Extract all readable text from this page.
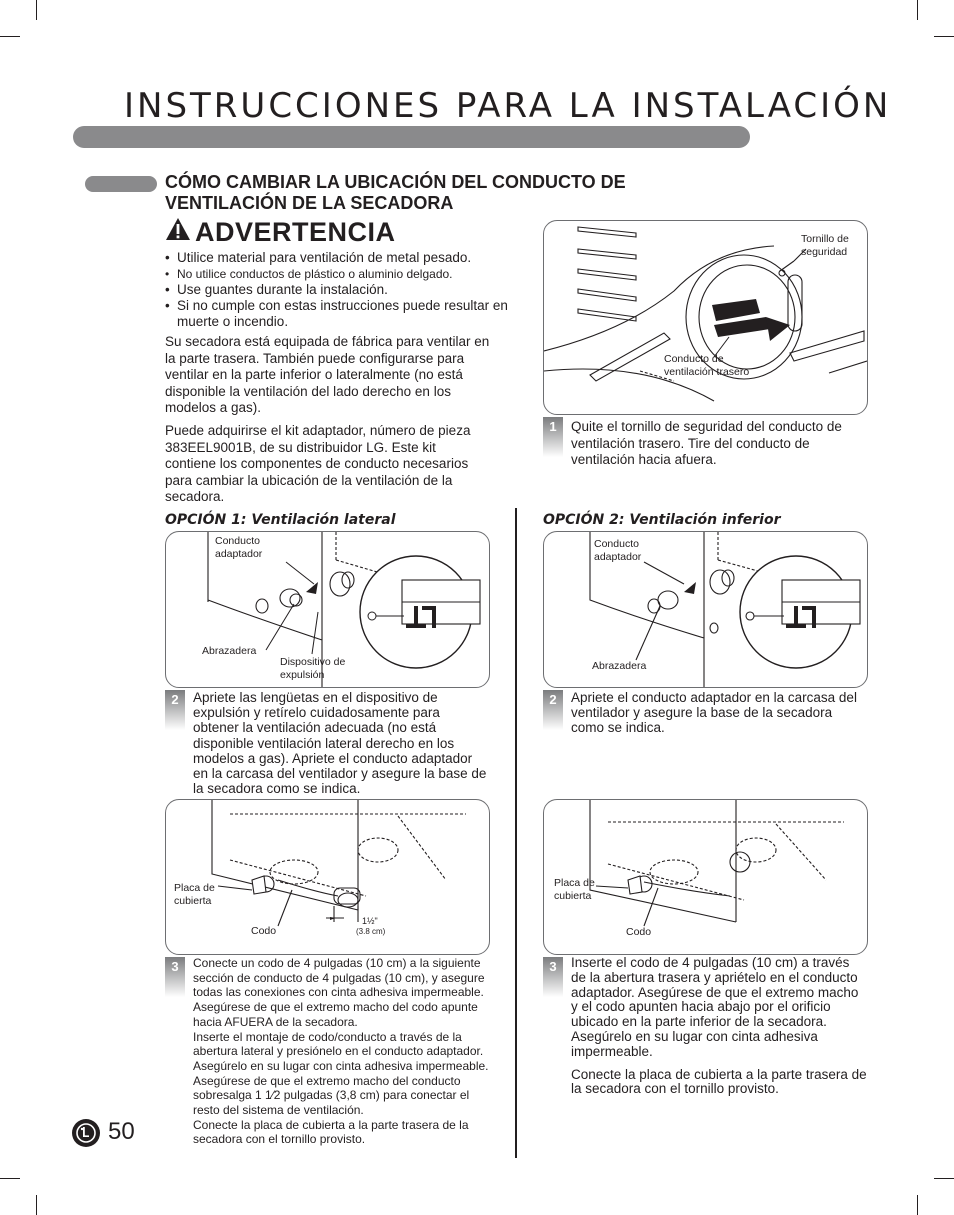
INSTRUCCIONES PARA LA INSTALACIÓN
CÓMO CAMBIAR LA UBICACIÓN DEL CONDUCTO DE VENTILACIÓN DE LA SECADORA
ADVERTENCIA
• Utilice material para ventilación de metal pesado.
• No utilice conductos de plástico o aluminio delgado.
• Use guantes durante la instalación.
• Si no cumple con estas instrucciones puede resultar en muerte o incendio.
Su secadora está equipada de fábrica para ventilar en la parte trasera. También puede configurarse para ventilar en la parte inferior o lateralmente (no está disponible la ventilación del lado derecho en los modelos a gas).
Puede adquirirse el kit adaptador, número de pieza 383EEL9001B, de su distribuidor LG. Este kit contiene los componentes de conducto necesarios para cambiar la ubicación de la ventilación de la secadora.
Tornillo de seguridad
Conducto de ventilación trasero
1	Quite el tornillo de seguridad del conducto de ventilación trasero. Tire del conducto de ventilación hacia afuera.
OPCIÓN 1: Ventilación lateral
Conducto adaptador
Abrazadera
Dispositivo de expulsión
2	Apriete las lengüetas en el dispositivo de expulsión y retírelo cuidadosamente para obtener la ventilación adecuada (no está disponible ventilación lateral derecho en los modelos a gas). Apriete el conducto adaptador en la carcasa del ventilador y asegure la base de la secadora como se indica.
Placa de cubierta
Codo
1½"
(3.8 cm)
3	Conecte un codo de 4 pulgadas (10 cm) a la siguiente sección de conducto de 4 pulgadas (10 cm), y asegure todas las conexiones con cinta adhesiva impermeable. Asegúrese de que el extremo macho del codo apunte hacia AFUERA de la secadora.
Inserte el montaje de codo/conducto a través de la abertura lateral y presiónelo en el conducto adaptador. Asegúrelo en su lugar con cinta adhesiva impermeable.
Asegúrese de que el extremo macho del conducto sobresalga 1 1⁄2 pulgadas (3,8 cm) para conectar el resto del sistema de ventilación.
Conecte la placa de cubierta a la parte trasera de la secadora con el tornillo provisto.
OPCIÓN 2: Ventilación inferior
Conducto adaptador
Abrazadera
2	Apriete el conducto adaptador en la carcasa del ventilador y asegure la base de la secadora como se indica.
Placa de cubierta
Codo
3	Inserte el codo de 4 pulgadas (10 cm) a través de la abertura trasera y apriételo en el conducto adaptador. Asegúrese de que el extremo macho y el codo apunten hacia abajo por el orificio ubicado en la parte inferior de la secadora. Asegúrelo en su lugar con cinta adhesiva impermeable.
Conecte la placa de cubierta a la parte trasera de la secadora con el tornillo provisto.
50
